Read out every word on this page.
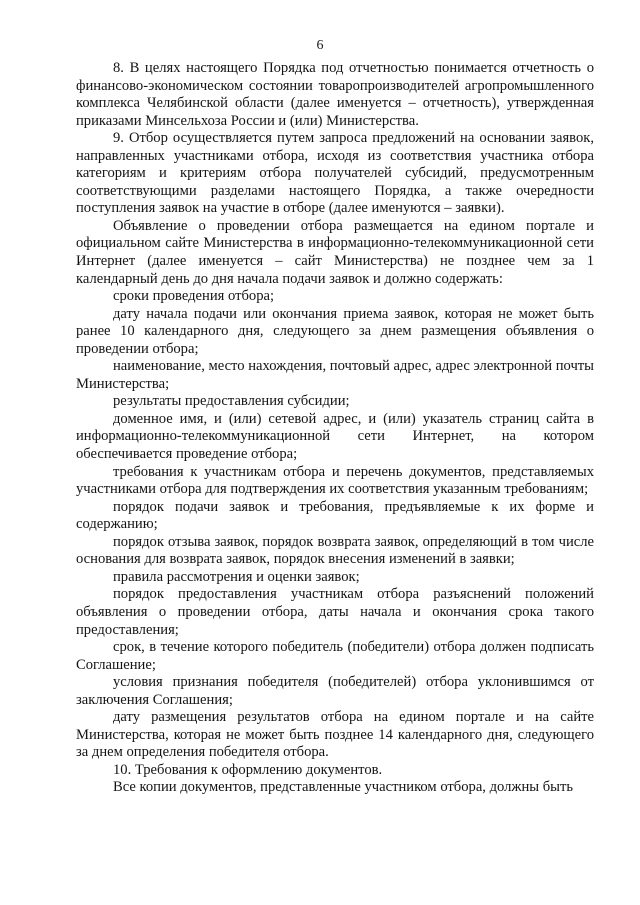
6

8. В целях настоящего Порядка под отчетностью понимается отчетность о финансово-экономическом состоянии товаропроизводителей агропромышленного комплекса Челябинской области (далее именуется – отчетность), утвержденная приказами Минсельхоза России и (или) Министерства.

9. Отбор осуществляется путем запроса предложений на основании заявок, направленных участниками отбора, исходя из соответствия участника отбора категориям и критериям отбора получателей субсидий, предусмотренным соответствующими разделами настоящего Порядка, а также очередности поступления заявок на участие в отборе (далее именуются – заявки).

Объявление о проведении отбора размещается на едином портале и официальном сайте Министерства в информационно-телекоммуникационной сети Интернет (далее именуется – сайт Министерства) не позднее чем за 1 календарный день до дня начала подачи заявок и должно содержать:

сроки проведения отбора;

дату начала подачи или окончания приема заявок, которая не может быть ранее 10 календарного дня, следующего за днем размещения объявления о проведении отбора;

наименование, место нахождения, почтовый адрес, адрес электронной почты Министерства;

результаты предоставления субсидии;

доменное имя, и (или) сетевой адрес, и (или) указатель страниц сайта в информационно-телекоммуникационной сети Интернет, на котором обеспечивается проведение отбора;

требования к участникам отбора и перечень документов, представляемых участниками отбора для подтверждения их соответствия указанным требованиям;

порядок подачи заявок и требования, предъявляемые к их форме и содержанию;

порядок отзыва заявок, порядок возврата заявок, определяющий в том числе основания для возврата заявок, порядок внесения изменений в заявки;

правила рассмотрения и оценки заявок;

порядок предоставления участникам отбора разъяснений положений объявления о проведении отбора, даты начала и окончания срока такого предоставления;

срок, в течение которого победитель (победители) отбора должен подписать Соглашение;

условия признания победителя (победителей) отбора уклонившимся от заключения Соглашения;

дату размещения результатов отбора на едином портале и на сайте Министерства, которая не может быть позднее 14 календарного дня, следующего за днем определения победителя отбора.

10. Требования к оформлению документов.

Все копии документов, представленные участником отбора, должны быть
